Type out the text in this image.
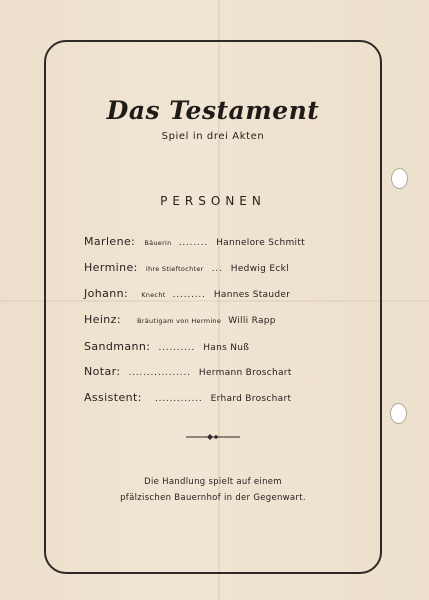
Das Testament
Spiel in drei Akten
PERSONEN
Marlene: Bäuerin ........ Hannelore Schmitt
Hermine: ihre Stieftochter ... Hedwig Eckl
Johann: Knecht ......... Hannes Stauder
Heinz: Bräutigam von Hermine Willi Rapp
Sandmann: .......... Hans Nuß
Notar: ................. Hermann Broschart
Assistent: ............. Erhard Broschart
Die Handlung spielt auf einem
pfälzischen Bauernhof in der Gegenwart.
